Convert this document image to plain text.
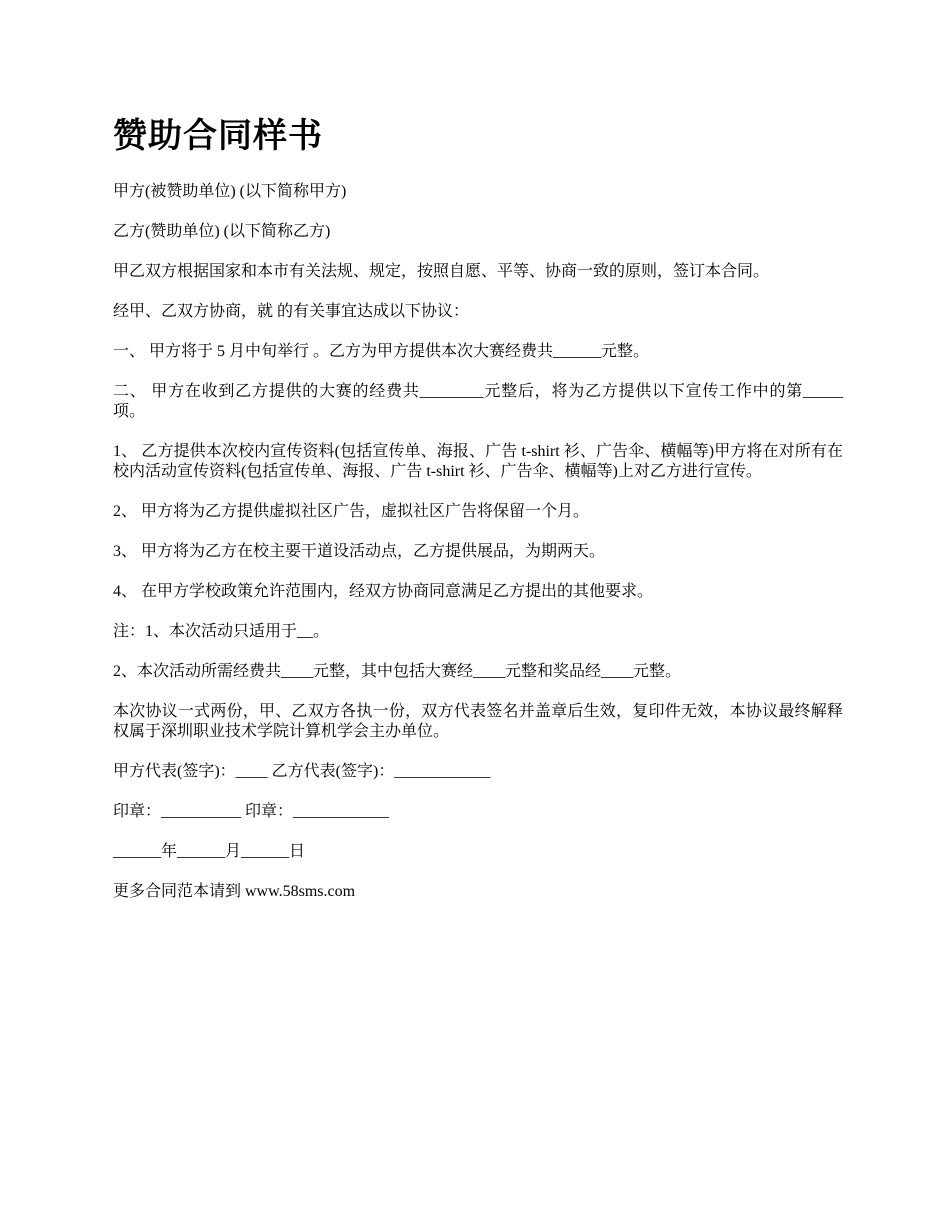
赞助合同样书

甲方(被赞助单位) (以下简称甲方)

乙方(赞助单位) (以下简称乙方)

甲乙双方根据国家和本市有关法规、规定，按照自愿、平等、协商一致的原则，签订本合同。

经甲、乙双方协商，就 的有关事宜达成以下协议：

一、 甲方将于 5 月中旬举行 。乙方为甲方提供本次大赛经费共______元整。

二、 甲方在收到乙方提供的大赛的经费共________元整后，将为乙方提供以下宣传工作中的第_____项。

1、 乙方提供本次校内宣传资料(包括宣传单、海报、广告 t-shirt 衫、广告伞、横幅等)甲方将在对所有在校内活动宣传资料(包括宣传单、海报、广告 t-shirt 衫、广告伞、横幅等)上对乙方进行宣传。

2、 甲方将为乙方提供虚拟社区广告，虚拟社区广告将保留一个月。

3、 甲方将为乙方在校主要干道设活动点，乙方提供展品，为期两天。

4、 在甲方学校政策允许范围内，经双方协商同意满足乙方提出的其他要求。

注：1、本次活动只适用于__。

2、本次活动所需经费共____元整，其中包括大赛经____元整和奖品经____元整。

本次协议一式两份，甲、乙双方各执一份，双方代表签名并盖章后生效，复印件无效，本协议最终解释权属于深圳职业技术学院计算机学会主办单位。

甲方代表(签字)：____ 乙方代表(签字)：____________

印章：__________ 印章：____________

______年______月______日

更多合同范本请到 www.58sms.com
